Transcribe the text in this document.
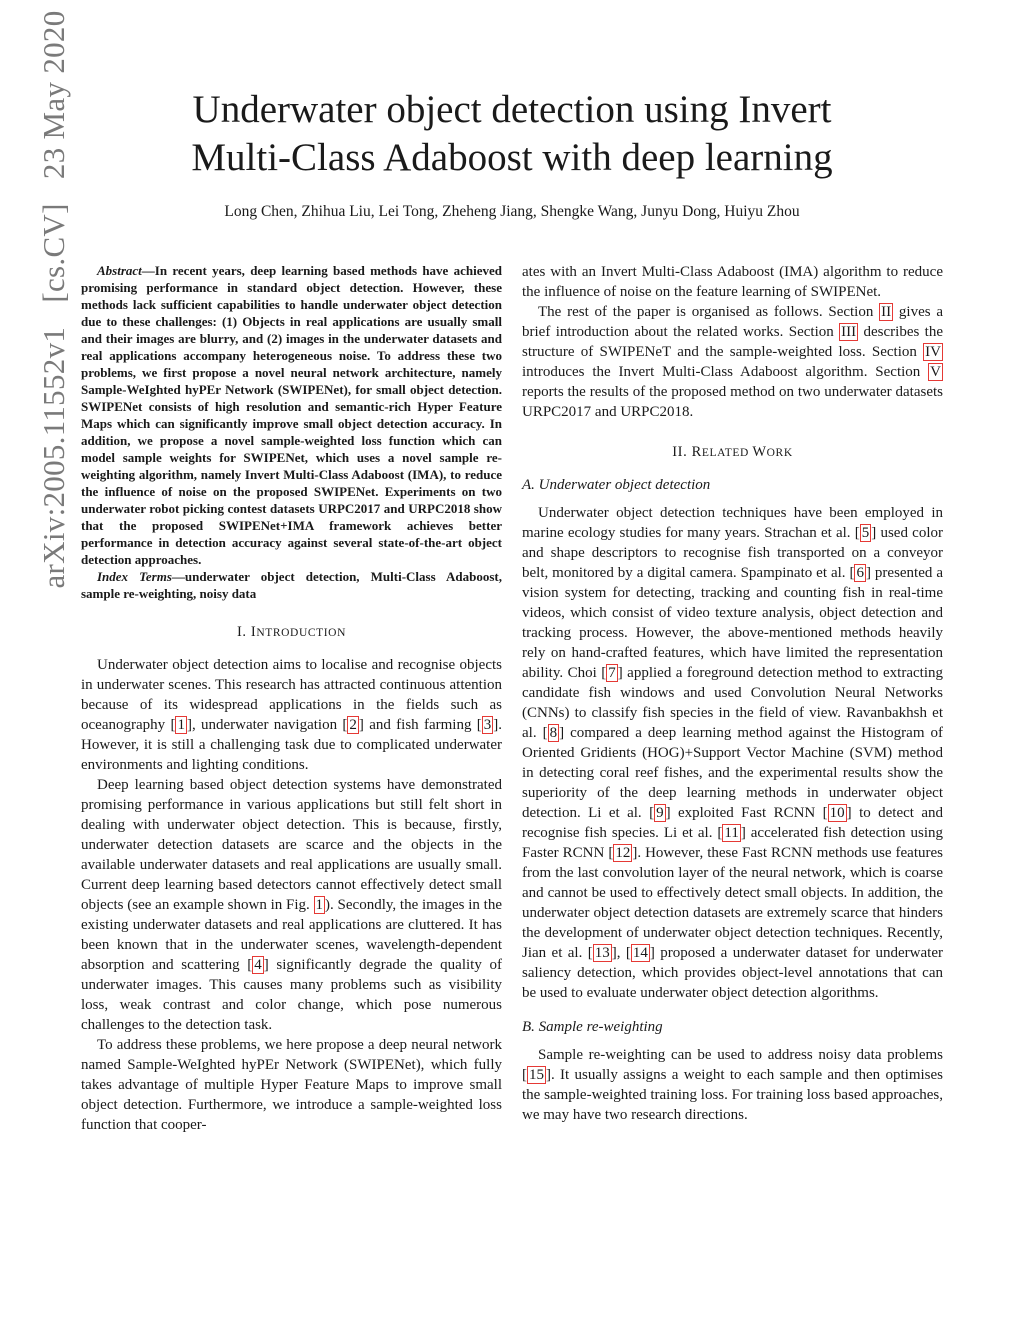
arXiv:2005.11552v1

[cs.CV]

23 May 2020	Underwater object detection using Invert
Multi-Class Adaboost with deep learning
Long Chen, Zhihua Liu, Lei Tong, Zheheng Jiang, Shengke Wang, Junyu Dong, Huiyu Zhou

Abstract—In recent years, deep learning based methods have achieved promising performance in standard object detection. However, these methods lack sufficient capabilities to handle underwater object detection due to these challenges: (1) Objects in real applications are usually small and their images are blurry, and (2) images in the underwater datasets and real applications accompany heterogeneous noise. To address these two problems, we first propose a novel neural network architecture, namely Sample-WeIghted hyPEr Network (SWIPENet), for small object detection. SWIPENet consists of high resolution and semantic-rich Hyper Feature Maps which can significantly improve small object detection accuracy. In addition, we propose a novel sample-weighted loss function which can model sample weights for SWIPENet, which uses a novel sample re-weighting algorithm, namely Invert Multi-Class Adaboost (IMA), to reduce the influence of noise on the proposed SWIPENet. Experiments on two underwater robot picking contest datasets URPC2017 and URPC2018 show that the proposed SWIPENet+IMA framework achieves better performance in detection accuracy against several state-of-the-art object detection approaches.

Index Terms—underwater object detection, Multi-Class Adaboost, sample re-weighting, noisy data

I. INTRODUCTION

Underwater object detection aims to localise and recognise objects in underwater scenes. This research has attracted continuous attention because of its widespread applications in the fields such as oceanography [ 1 ], underwater navigation [ 2 ] and fish farming [ 3 ]. However, it is still a challenging task due to complicated underwater environments and lighting conditions.

Deep learning based object detection systems have demonstrated promising performance in various applications but still felt short in dealing with underwater object detection. This is because, firstly, underwater detection datasets are scarce and the objects in the available underwater datasets and real applications are usually small. Current deep learning based detectors cannot effectively detect small objects (see an example shown in Fig. 1 ). Secondly, the images in the existing underwater datasets and real applications are cluttered. It has been known that in the underwater scenes, wavelength-dependent absorption and scattering [ 4 ] significantly degrade the quality of underwater images. This causes many problems such as visibility loss, weak contrast and color change, which pose numerous challenges to the detection task.

To address these problems, we here propose a deep neural network named Sample-WeIghted hyPEr Network (SWIPENet), which fully takes advantage of multiple Hyper Feature Maps to improve small object detection. Furthermore, we introduce a sample-weighted loss function that cooper-

ates with an Invert Multi-Class Adaboost (IMA) algorithm to reduce the influence of noise on the feature learning of SWIPENet.

The rest of the paper is organised as follows. Section II gives a brief introduction about the related works. Section III describes the structure of SWIPENeT and the sample-weighted loss. Section IV introduces the Invert Multi-Class Adaboost algorithm. Section V reports the results of the proposed method on two underwater datasets URPC2017 and URPC2018.

II. RELATED WORK
A. Underwater object detection

Underwater object detection techniques have been employed in marine ecology studies for many years. Strachan et al. [ 5 ] used color and shape descriptors to recognise fish transported on a conveyor belt, monitored by a digital camera. Spampinato et al. [ 6 ] presented a vision system for detecting, tracking and counting fish in real-time videos, which consist of video texture analysis, object detection and tracking process. However, the above-mentioned methods heavily rely on hand-crafted features, which have limited the representation ability. Choi [ 7 ] applied a foreground detection method to extracting candidate fish windows and used Convolution Neural Networks (CNNs) to classify fish species in the field of view. Ravanbakhsh et al. [ 8 ] compared a deep learning method against the Histogram of Oriented Gridients (HOG)+Support Vector Machine (SVM) method in detecting coral reef fishes, and the experimental results show the superiority of the deep learning methods in underwater object detection. Li et al. [ 9 ] exploited Fast RCNN [ 10 ] to detect and recognise fish species. Li et al. [ 11 ] accelerated fish detection using Faster RCNN [ 12 ]. However, these Fast RCNN methods use features from the last convolution layer of the neural network, which is coarse and cannot be used to effectively detect small objects. In addition, the underwater object detection datasets are extremely scarce that hinders the development of underwater object detection techniques. Recently, Jian et al. [ 13 ], [ 14 ] proposed a underwater dataset for underwater saliency detection, which provides object-level annotations that can be used to evaluate underwater object detection algorithms.

B. Sample re-weighting

Sample re-weighting can be used to address noisy data problems [ 15 ]. It usually assigns a weight to each sample and then optimises the sample-weighted training loss. For training loss based approaches, we may have two research directions.
